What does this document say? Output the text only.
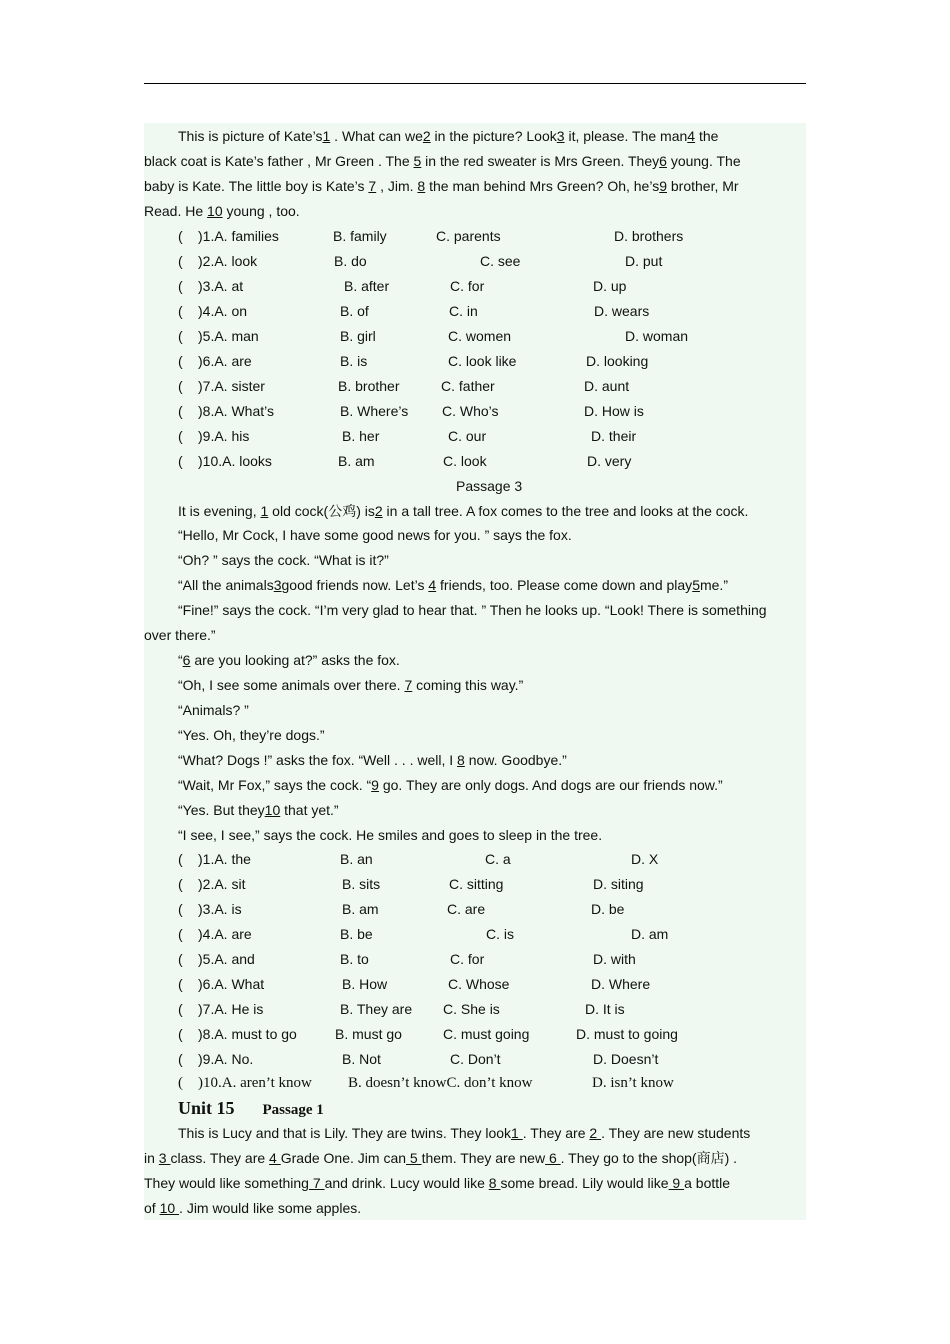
This is picture of Kate’s1 . What can we2 in the picture? Look3 it, please. The man4 the
black coat is Kate’s father , Mr Green . The 5 in the red sweater is Mrs Green. They6 young. The
baby is Kate. The little boy is Kate’s 7 , Jim. 8 the man behind Mrs Green? Oh, he’s9 brother, Mr
Read. He 10 young , too.
( )1.A. families	B. family	C. parents	D. brothers
( )2.A. look	B. do	C. see	D. put
( )3.A. at	B. after	C. for	D. up
( )4.A. on	B. of	C. in	D. wears
( )5.A. man	B. girl	C. women	D. woman
( )6.A. are	B. is	C. look like	D. looking
( )7.A. sister	B. brother	C. father	D. aunt
( )8.A. What’s	B. Where’s C. Who’s	D. How is
( )9.A. his	B. her	C. our	D. their
( )10.A. looks	B. am	C. look	D. very
Passage 3
It is evening, 1 old cock(公鸡) is2 in a tall tree. A fox comes to the tree and looks at the cock.
“Hello, Mr Cock, I have some good news for you. ” says the fox.
“Oh? ” says the cock. “What is it?”
“All the animals3good friends now. Let’s 4 friends, too. Please come down and play5me.”
“Fine!” says the cock. “I’m very glad to hear that. ” Then he looks up. “Look! There is something
over there.”
“6 are you looking at?” asks the fox.
“Oh, I see some animals over there. 7 coming this way.”
“Animals? ”
“Yes. Oh, they’re dogs.”
“What? Dogs !” asks the fox. “Well . . . well, I 8 now. Goodbye.”
“Wait, Mr Fox,” says the cock. “9 go. They are only dogs. And dogs are our friends now.”
“Yes. But they10 that yet.”
“I see, I see,” says the cock. He smiles and goes to sleep in the tree.
( )1.A. the	B. an	C. a	D. X
( )2.A. sit	B. sits	C. sitting	D. siting
( )3.A. is	B. am	C. are	D. be
( )4.A. are	B. be	C. is	D. am
( )5.A. and	B. to	C. for	D. with
( )6.A. What	B. How	C. Whose	D. Where
( )7.A. He is	B. They are C. She is	D. It is
( )8.A. must to go	B. must go	C. must going	D. must to going
( )9.A. No.	B. Not	C. Don’t	D. Doesn’t
( )10.A. aren’t know B. doesn’t knowC. don’t know	D. isn’t know
Unit 15 Passage 1
This is Lucy and that is Lily. They are twins. They look1 . They are 2 . They are new students
in 3 class. They are 4 Grade One. Jim can 5 them. They are new 6 . They go to the shop(商店) .
They would like something 7 and drink. Lucy would like 8 some bread. Lily would like 9 a bottle
of 10 . Jim would like some apples.
